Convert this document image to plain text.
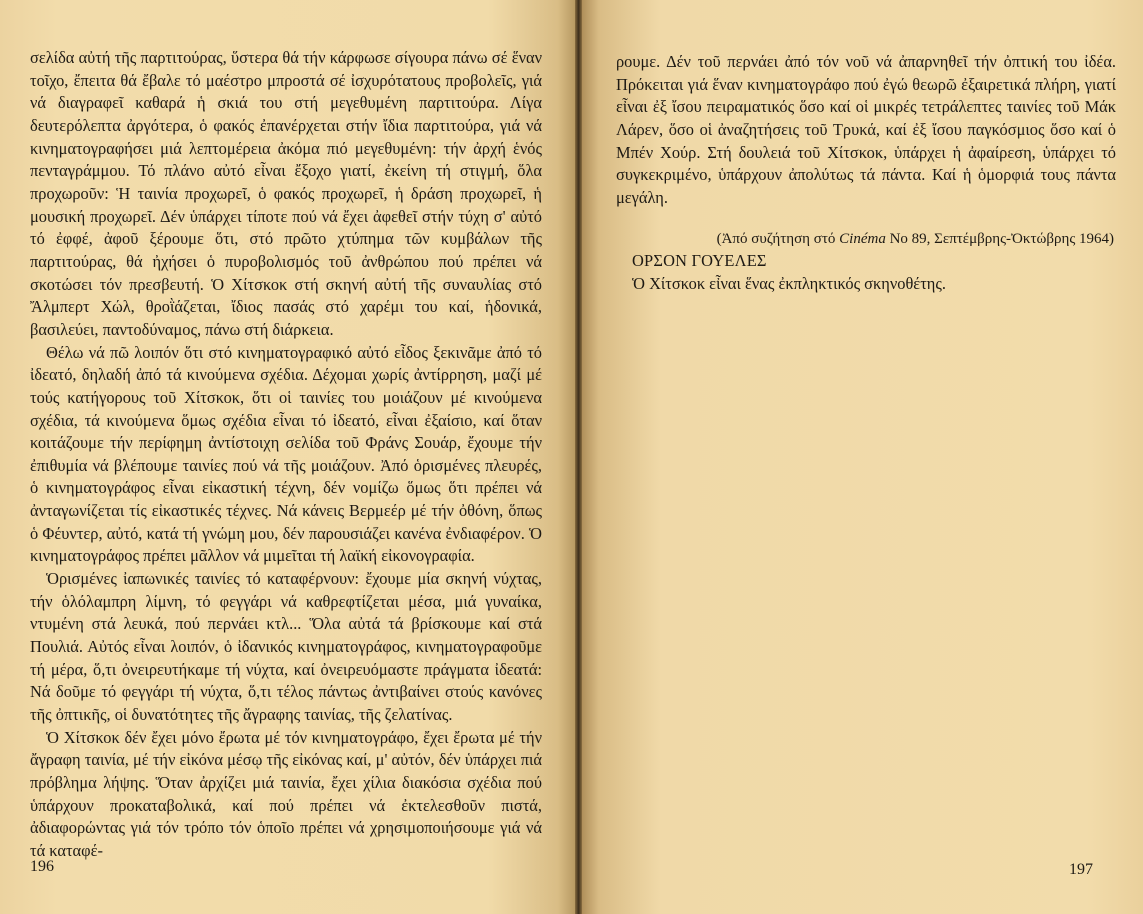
σελίδα αὐτή τῆς παρτιτούρας, ὕστερα θά τήν κάρφωσε σίγουρα πάνω σέ ἕναν τοῖχο, ἔπειτα θά ἔβαλε τό μαέστρο μπροστά σέ ἰσχυρότατους προβολεῖς, γιά νά διαγραφεῖ καθαρά ἡ σκιά του στή μεγεθυμένη παρτιτούρα. Λίγα δευτερόλεπτα ἀργότερα, ὁ φακός ἐπανέρχεται στήν ἴδια παρτιτούρα, γιά νά κινηματογραφήσει μιά λεπτομέρεια ἀκόμα πιό μεγεθυμένη: τήν ἀρχή ἑνός πενταγράμμου. Τό πλάνο αὐτό εἶναι ἔξοχο γιατί, ἐκείνη τή στιγμή, ὅλα προχωροῦν: Ἡ ταινία προχωρεῖ, ὁ φακός προχωρεῖ, ἡ δράση προχωρεῖ, ἡ μουσική προχωρεῖ. Δέν ὑπάρχει τίποτε πού νά ἔχει ἀφεθεῖ στήν τύχη σ' αὐτό τό ἐφφέ, ἀφοῦ ξέρουμε ὅτι, στό πρῶτο χτύπημα τῶν κυμβάλων τῆς παρτιτούρας, θά ἠχήσει ὁ πυροβολισμός τοῦ ἀνθρώπου πού πρέπει νά σκοτώσει τόν πρεσβευτή. Ὁ Χίτσκοκ στή σκηνή αὐτή τῆς συναυλίας στό Ἄλμπερτ Χώλ, θροῒάζεται, ἴδιος πασάς στό χαρέμι του καί, ἡδονικά, βασιλεύει, παντοδύναμος, πάνω στή διάρκεια.

Θέλω νά πῶ λοιπόν ὅτι στό κινηματογραφικό αὐτό εἶδος ξεκινᾶμε ἀπό τό ἰδεατό, δηλαδή ἀπό τά κινούμενα σχέδια. Δέχομαι χωρίς ἀντίρρηση, μαζί μέ τούς κατήγορους τοῦ Χίτσκοκ, ὅτι οἱ ταινίες του μοιάζουν μέ κινούμενα σχέδια, τά κινούμενα ὅμως σχέδια εἶναι τό ἰδεατό, εἶναι ἐξαίσιο, καί ὅταν κοιτάζουμε τήν περίφημη ἀντίστοιχη σελίδα τοῦ Φράνς Σουάρ, ἔχουμε τήν ἐπιθυμία νά βλέπουμε ταινίες πού νά τῆς μοιάζουν. Ἀπό ὁρισμένες πλευρές, ὁ κινηματογράφος εἶναι εἰκαστική τέχνη, δέν νομίζω ὅμως ὅτι πρέπει νά ἀνταγωνίζεται τίς εἰκαστικές τέχνες. Νά κάνεις Βερμεέρ μέ τήν ὀθόνη, ὅπως ὁ Φέυντερ, αὐτό, κατά τή γνώμη μου, δέν παρουσιάζει κανένα ἐνδιαφέρον. Ὁ κινηματογράφος πρέπει μᾶλλον νά μιμεῖται τή λαϊκή εἰκονογραφία.

Ὁρισμένες ἰαπωνικές ταινίες τό καταφέρνουν: ἔχουμε μία σκηνή νύχτας, τήν ὁλόλαμπρη λίμνη, τό φεγγάρι νά καθρεφτίζεται μέσα, μιά γυναίκα, ντυμένη στά λευκά, πού περνάει κτλ... Ὅλα αὐτά τά βρίσκουμε καί στά Πουλιά. Αὐτός εἶναι λοιπόν, ὁ ἰδανικός κινηματογράφος, κινηματογραφοῦμε τή μέρα, ὅ,τι ὀνειρευτήκαμε τή νύχτα, καί ὀνειρευόμαστε πράγματα ἰδεατά: Νά δοῦμε τό φεγγάρι τή νύχτα, ὅ,τι τέλος πάντως ἀντιβαίνει στούς κανόνες τῆς ὀπτικῆς, οἱ δυνατότητες τῆς ἄγραφης ταινίας, τῆς ζελατίνας.

Ὁ Χίτσκοκ δέν ἔχει μόνο ἔρωτα μέ τόν κινηματογράφο, ἔχει ἔρωτα μέ τήν ἄγραφη ταινία, μέ τήν εἰκόνα μέσῳ τῆς εἰκόνας καί, μ' αὐτόν, δέν ὑπάρχει πιά πρόβλημα λήψης. Ὅταν ἀρχίζει μιά ταινία, ἔχει χίλια διακόσια σχέδια πού ὑπάρχουν προκαταβολικά, καί πού πρέπει νά ἐκτελεσθοῦν πιστά, ἀδιαφορώντας γιά τόν τρόπο τόν ὁποῖο πρέπει νά χρησιμοποιήσουμε γιά νά τά καταφέ-

196

ρουμε. Δέν τοῦ περνάει ἀπό τόν νοῦ νά ἀπαρνηθεῖ τήν ὀπτική του ἰδέα. Πρόκειται γιά ἕναν κινηματογράφο πού ἐγώ θεωρῶ ἐξαιρετικά πλήρη, γιατί εἶναι ἐξ ἴσου πειραματικός ὅσο καί οἱ μικρές τετράλεπτες ταινίες τοῦ Μάκ Λάρεν, ὅσο οἱ ἀναζητήσεις τοῦ Τρυκά, καί ἐξ ἴσου παγκόσμιος ὅσο καί ὁ Μπέν Χούρ. Στή δουλειά τοῦ Χίτσκοκ, ὑπάρχει ἡ ἀφαίρεση, ὑπάρχει τό συγκεκριμένο, ὑπάρχουν ἀπολύτως τά πάντα. Καί ἡ ὁμορφιά τους πάντα μεγάλη.

(Ἀπό συζήτηση στό Cinéma No 89, Σεπτέμβρης-Ὀκτώβρης 1964)

ΟΡΣΟΝ ΓΟΥΕΛΕΣ

Ὁ Χίτσκοκ εἶναι ἕνας ἐκπληκτικός σκηνοθέτης.

197
